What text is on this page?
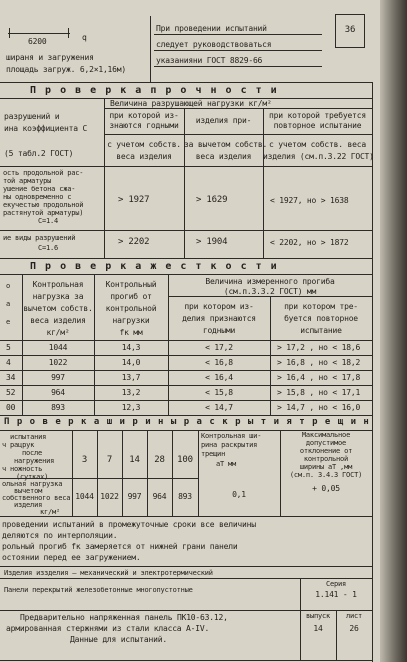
36
6200	q
шираня и загружения
площадь загруж. 6,2×1,16м)
При проведении испытаний
следует руководствоваться
указанияни ГОСТ 8829-66
П р о в е р к а п р о ч н о с т и
разрушений и
ина коэффициента С
(5 табл.2 ГОСТ)
Величина разрушающей нагрузки кг/м²
при которой из-
знаются годными
изделия при-
при которой требуется
повторное испытание
с учетом собств.
веса изделия
за вычетом собств.
веса изделия
с учетом собств. веса
изделия (см.п.3.22 ГОСТ)
ость продольной рас-
той арматуры
ушение бетона сжа-
ны одновременно с
екучестью продольной
растянутой арматуры)
С=1.4
> 1927	> 1629	< 1927, но > 1638
ие виды разрушений
С=1.6
> 2202	> 1904	< 2202, но > 1872
П р о в е р к а ж е с т к о с т и
о
а
е
Контрольная
нагрузка за
вычетом собств.
веса изделия
кг/м²
Контрольный
прогиб от
контрольной
нагрузки
fк мм
Величина измеренного прогиба
(см.п.3.3.2 ГОСТ) мм
при котором из-
делия признаются
годными
при котором тре-
буется повторное
испытание
5	1044	14,3	< 17,2	> 17,2 , но < 18,6
4	1022	14,0	< 16,8	> 16,8 , но < 18,2
34	997	13,7	< 16,4	> 16,4 , но < 17,8
52	964	13,2	< 15,8	> 15,8 , но < 17,1
00	893	12,3	< 14,7	> 14,7 , но < 16,0
П р о в е р к а ш и р и н ы р а с к р ы т и я т р е щ и н
испытания
ч рацрук
после
нагружения
ч ножность
(сутках)
3	7	14	28	100
ольная нагрузка
вычетом
собственного веса
изделия
кг/м²
1044 1022	997	964	893
Контрольная ши-
рина раскрытия
трещин
аТ мм
0,1
Максимальное
допустимое
отклонение от
контрольной
ширины аТ ,мм
(см.п. 3.4.3 ГОСТ)
+ 0,05
проведении испытаний в промежуточные сроки все величины
деляются по интерполяции.
рольный прогиб fк замеряется от нижней грани панели
остоянии перед ее загружением.
Изделия иззделия — механический и электротермический
Серия
1.141 - 1
Панели перекрытий железобетонные многопустотные
Предварительно напряженная панель ПК10-63.12,
армированная стержнями из стали класса А-IV.
Данные для испытаний.
выпуск
14
лист
26
